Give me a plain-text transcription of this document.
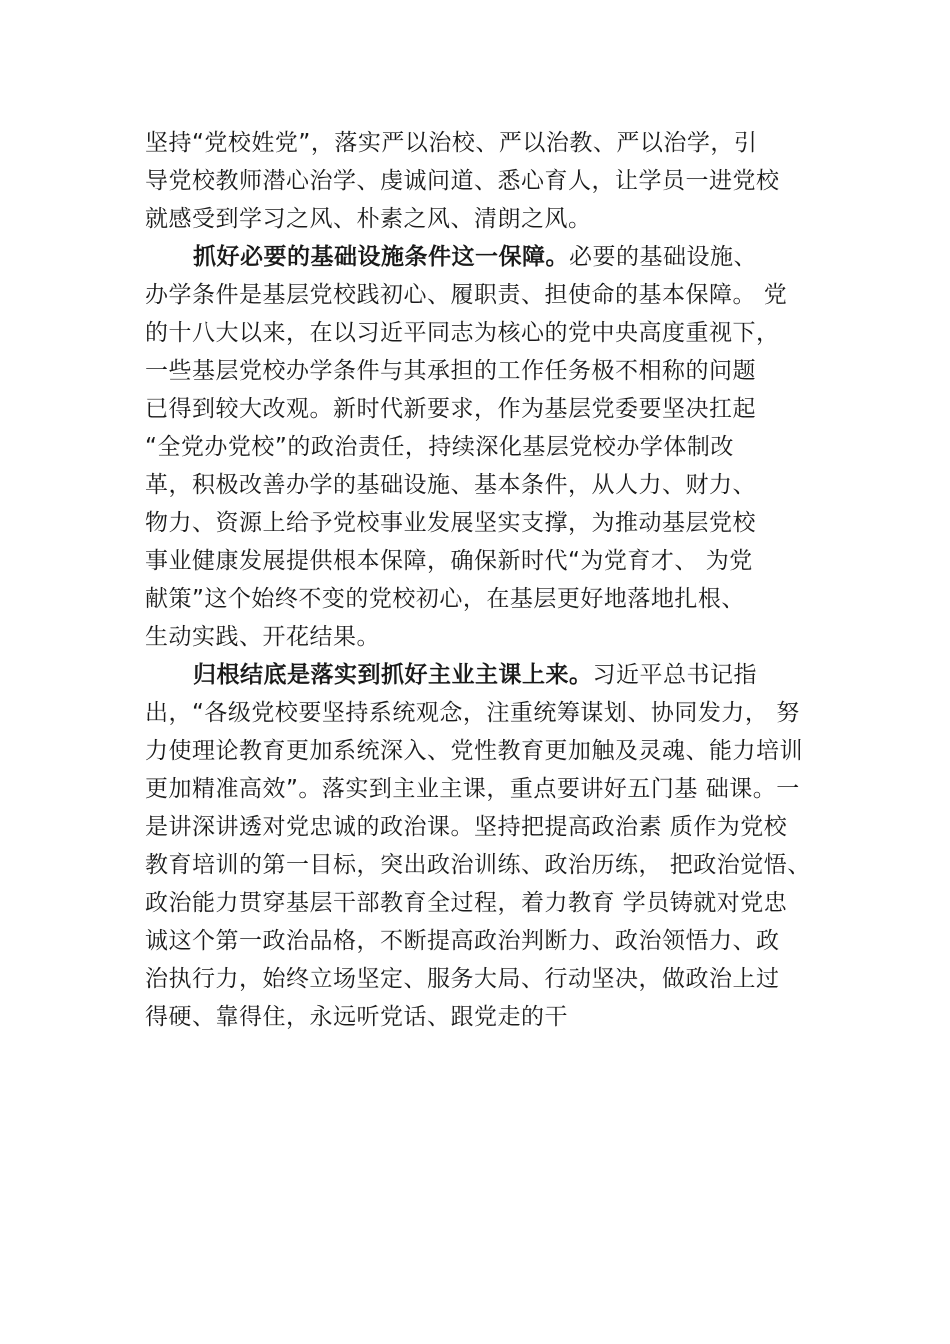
坚持“党校姓党”，落实严以治校、严以治教、严以治学，引
导党校教师潜心治学、虔诚问道、悉心育人，让学员一进党校
就感受到学习之风、朴素之风、清朗之风。
抓好必要的基础设施条件这一保障。必要的基础设施、
办学条件是基层党校践初心、履职责、担使命的基本保障。 党
的十八大以来，在以习近平同志为核心的党中央高度重视下，
一些基层党校办学条件与其承担的工作任务极不相称的问题
已得到较大改观。新时代新要求，作为基层党委要坚决扛起
“全党办党校”的政治责任，持续深化基层党校办学体制改
革，积极改善办学的基础设施、基本条件，从人力、财力、
物力、资源上给予党校事业发展坚实支撑，为推动基层党校
事业健康发展提供根本保障，确保新时代“为党育才、 为党
献策”这个始终不变的党校初心，在基层更好地落地扎根、
生动实践、开花结果。
归根结底是落实到抓好主业主课上来。习近平总书记指
出，“各级党校要坚持系统观念，注重统筹谋划、协同发力， 努
力使理论教育更加系统深入、党性教育更加触及灵魂、能力培训
更加精准高效”。落实到主业主课，重点要讲好五门基 础课。一
是讲深讲透对党忠诚的政治课。坚持把提高政治素 质作为党校
教育培训的第一目标，突出政治训练、政治历练， 把政治觉悟、
政治能力贯穿基层干部教育全过程，着力教育 学员铸就对党忠
诚这个第一政治品格，不断提高政治判断力、政治领悟力、政
治执行力，始终立场坚定、服务大局、行动坚决，做政治上过
得硬、靠得住，永远听党话、跟党走的干
